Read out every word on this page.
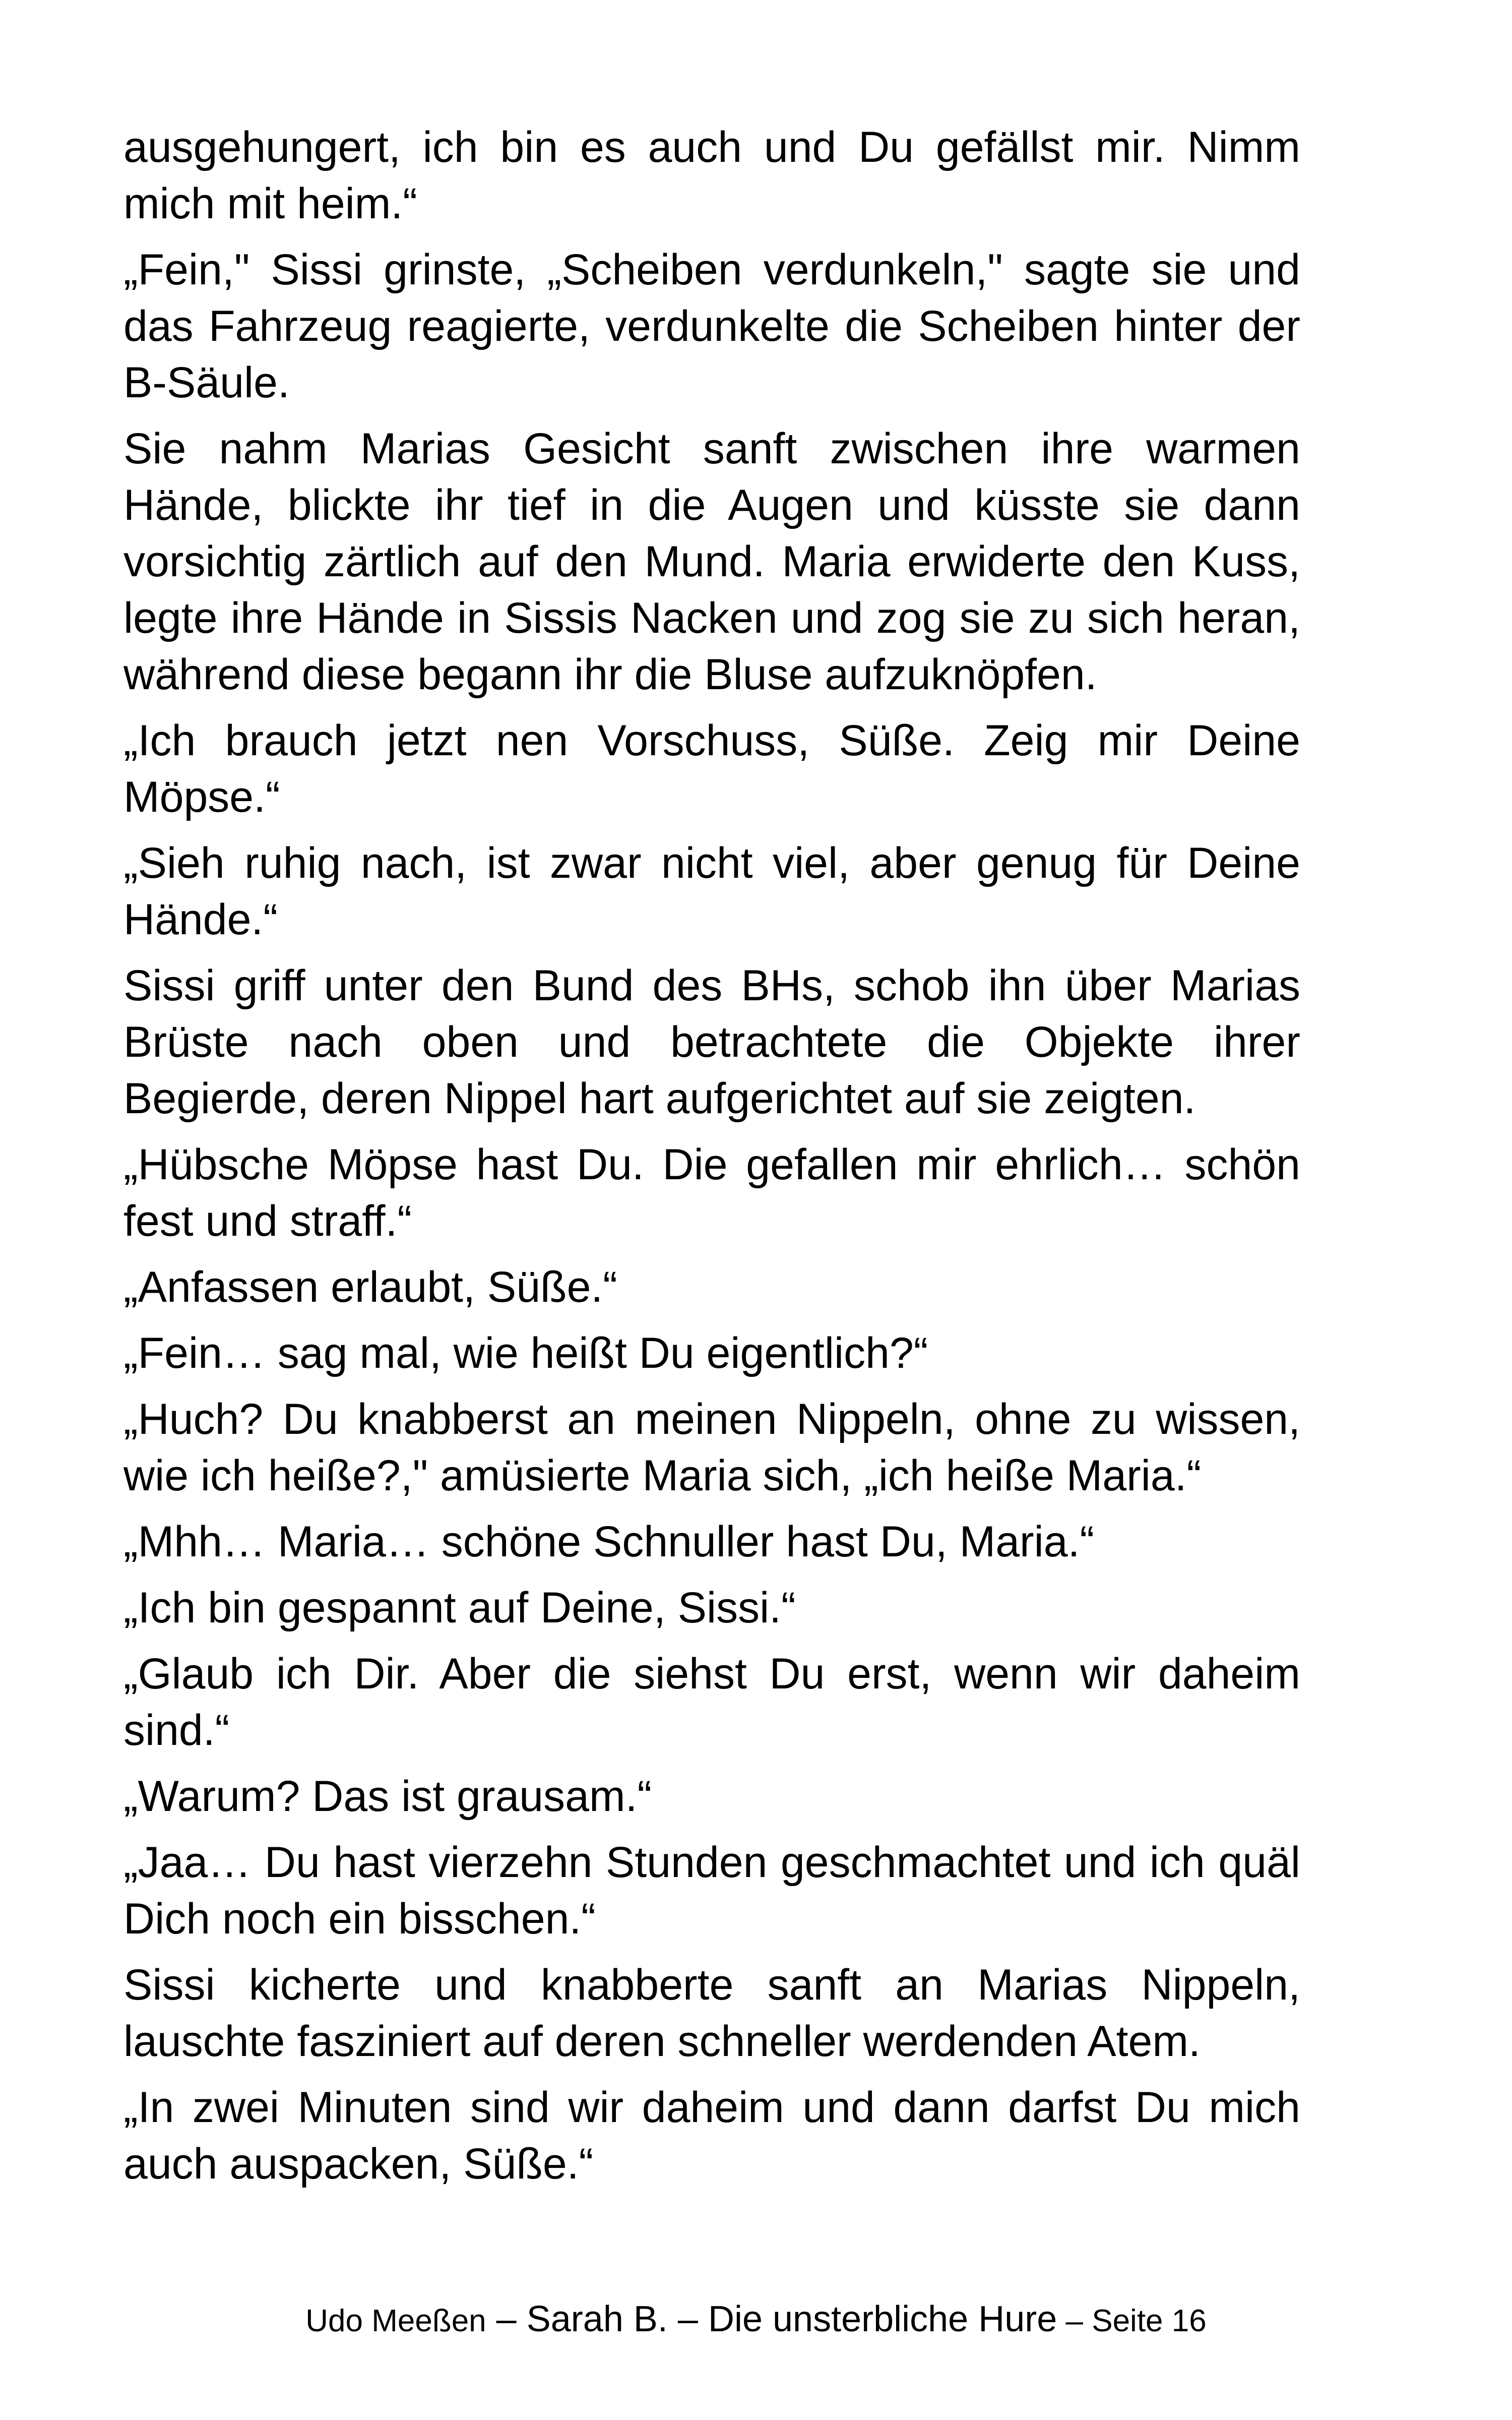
ausgehungert, ich bin es auch und Du gefällst mir. Nimm mich mit heim.“

„Fein," Sissi grinste, „Scheiben verdunkeln," sagte sie und das Fahrzeug reagierte, verdunkelte die Scheiben hinter der B-Säule.

Sie nahm Marias Gesicht sanft zwischen ihre warmen Hände, blickte ihr tief in die Augen und küsste sie dann vorsichtig zärtlich auf den Mund. Maria erwiderte den Kuss, legte ihre Hände in Sissis Nacken und zog sie zu sich heran, während diese begann ihr die Bluse aufzuknöpfen.

„Ich brauch jetzt nen Vorschuss, Süße. Zeig mir Deine Möpse.“

„Sieh ruhig nach, ist zwar nicht viel, aber genug für Deine Hände.“

Sissi griff unter den Bund des BHs, schob ihn über Marias Brüste nach oben und betrachtete die Objekte ihrer Begierde, deren Nippel hart aufgerichtet auf sie zeigten.

„Hübsche Möpse hast Du. Die gefallen mir ehrlich… schön fest und straff.“

„Anfassen erlaubt, Süße.“

„Fein… sag mal, wie heißt Du eigentlich?“

„Huch? Du knabberst an meinen Nippeln, ohne zu wissen, wie ich heiße?," amüsierte Maria sich, „ich heiße Maria.“

„Mhh… Maria… schöne Schnuller hast Du, Maria.“

„Ich bin gespannt auf Deine, Sissi.“

„Glaub ich Dir. Aber die siehst Du erst, wenn wir daheim sind.“

„Warum? Das ist grausam.“

„Jaa… Du hast vierzehn Stunden geschmachtet und ich quäl Dich noch ein bisschen.“

Sissi kicherte und knabberte sanft an Marias Nippeln, lauschte fasziniert auf deren schneller werdenden Atem.

„In zwei Minuten sind wir daheim und dann darfst Du mich auch auspacken, Süße.“

Udo Meeßen – Sarah B. – Die unsterbliche Hure – Seite 16
